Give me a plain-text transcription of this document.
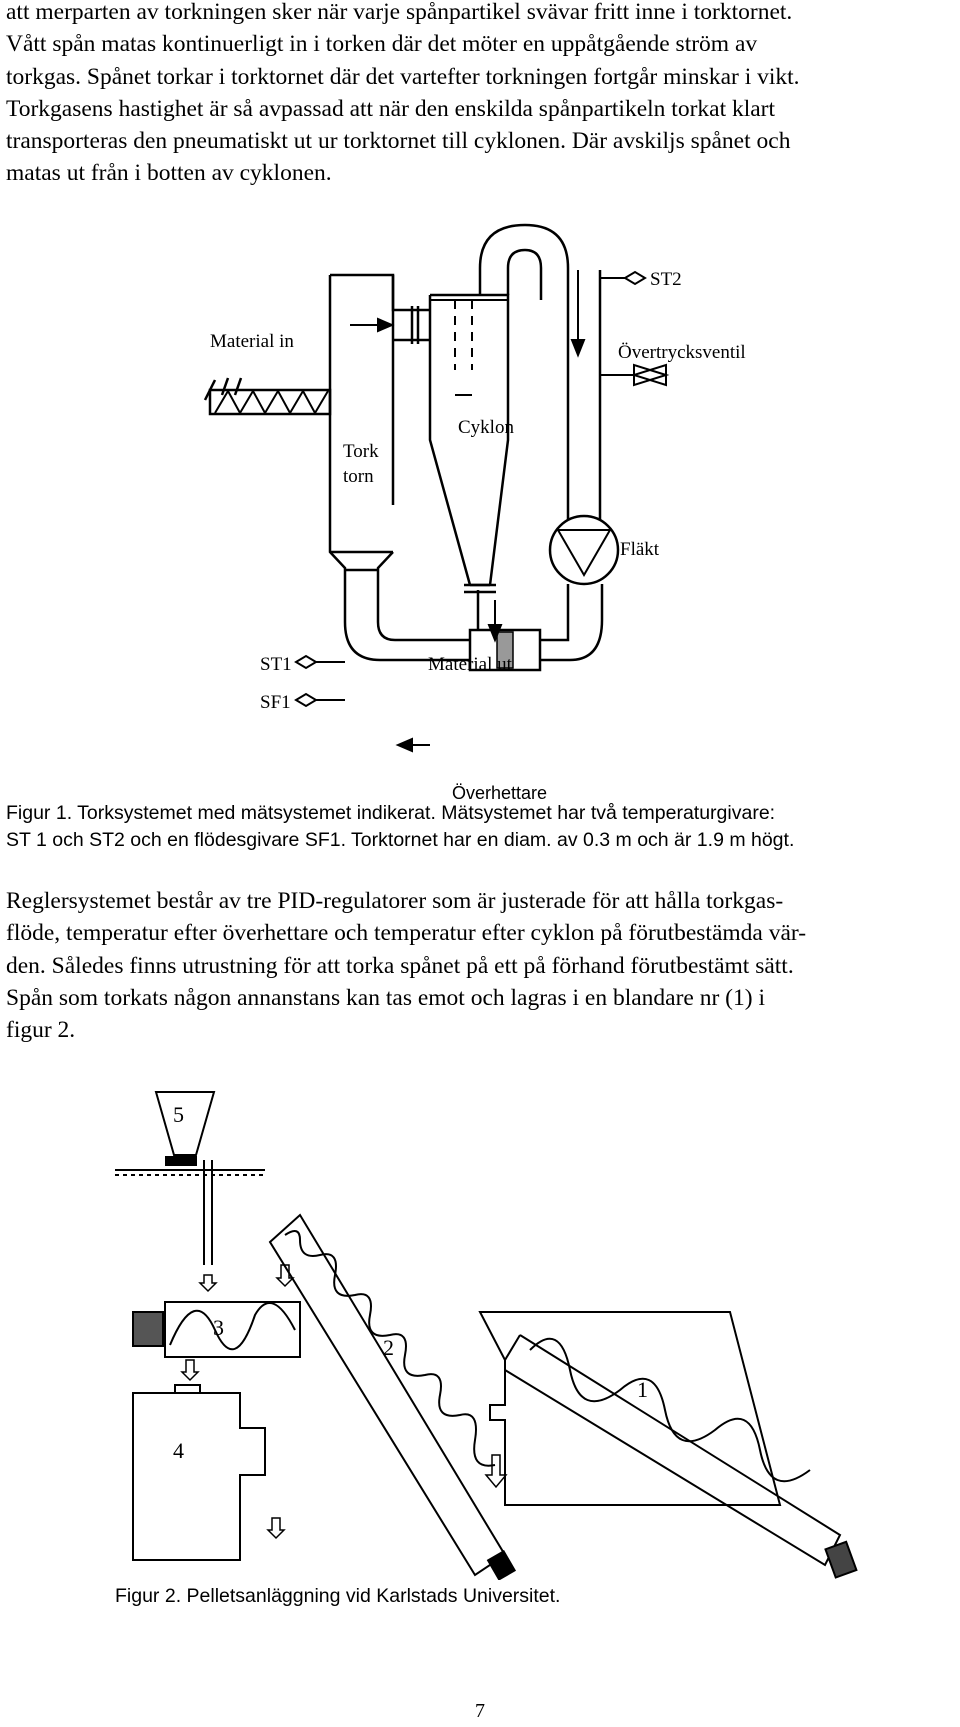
att merparten av torkningen sker när varje spånpartikel svävar fritt inne i torktornet.
Vått spån matas kontinuerligt in i torken där det möter en uppåtgående ström av
torkgas. Spånet torkar i torktornet där det vartefter torkningen fortgår minskar i vikt.
Torkgasens hastighet är så avpassad att när den enskilda spånpartikeln torkat klart
transporteras den pneumatiskt ut ur torktornet till cyklonen. Där avskiljs spånet och
matas ut från i botten av cyklonen.
ST2
Material in
Övertrycksventil
Cyklon
Tork
torn
Fläkt
ST1	Material ut
SF1
Överhettare
Figur 1. Torksystemet med mätsystemet indikerat. Mätsystemet har två temperaturgivare:
ST 1 och ST2 och en flödesgivare SF1. Torktornet har en diam. av 0.3 m och är 1.9 m högt.
Reglersystemet består av tre PID-regulatorer som är justerade för att hålla torkgas-
flöde, temperatur efter överhettare och temperatur efter cyklon på förutbestämda vär-
den. Således finns utrustning för att torka spånet på ett på förhand förutbestämt sätt.
Spån som torkats någon annanstans kan tas emot och lagras i en blandare nr (1) i
figur 2.
5
3
2
1
4
Figur 2. Pelletsanläggning vid Karlstads Universitet.
7
